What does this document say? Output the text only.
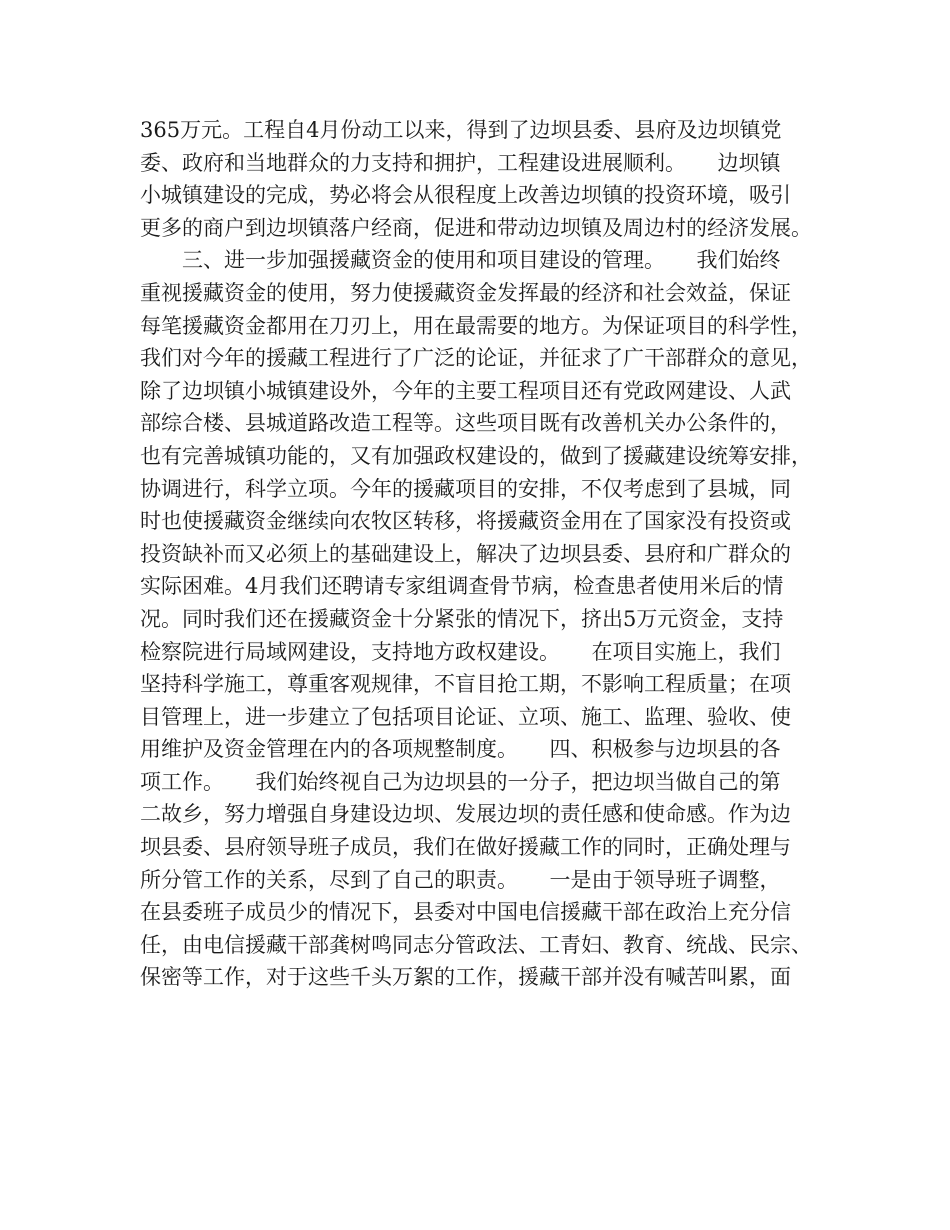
365万元。工程自4月份动工以来，得到了边坝县委、县府及边坝镇党
委、政府和当地群众的力支持和拥护，工程建设进展顺利。　　边坝镇
小城镇建设的完成，势必将会从很程度上改善边坝镇的投资环境，吸引
更多的商户到边坝镇落户经商，促进和带动边坝镇及周边村的经济发展。
　　三、进一步加强援藏资金的使用和项目建设的管理。　　我们始终
重视援藏资金的使用，努力使援藏资金发挥最的经济和社会效益，保证
每笔援藏资金都用在刀刃上，用在最需要的地方。为保证项目的科学性，
我们对今年的援藏工程进行了广泛的论证，并征求了广干部群众的意见，
除了边坝镇小城镇建设外，今年的主要工程项目还有党政网建设、人武
部综合楼、县城道路改造工程等。这些项目既有改善机关办公条件的，
也有完善城镇功能的，又有加强政权建设的，做到了援藏建设统筹安排，
协调进行，科学立项。今年的援藏项目的安排，不仅考虑到了县城，同
时也使援藏资金继续向农牧区转移，将援藏资金用在了国家没有投资或
投资缺补而又必须上的基础建设上，解决了边坝县委、县府和广群众的
实际困难。4月我们还聘请专家组调查骨节病，检查患者使用米后的情
况。同时我们还在援藏资金十分紧张的情况下，挤出5万元资金，支持
检察院进行局域网建设，支持地方政权建设。　　在项目实施上，我们
坚持科学施工，尊重客观规律，不盲目抢工期，不影响工程质量；在项
目管理上，进一步建立了包括项目论证、立项、施工、监理、验收、使
用维护及资金管理在内的各项规整制度。　　四、积极参与边坝县的各
项工作。　　我们始终视自己为边坝县的一分子，把边坝当做自己的第
二故乡，努力增强自身建设边坝、发展边坝的责任感和使命感。作为边
坝县委、县府领导班子成员，我们在做好援藏工作的同时，正确处理与
所分管工作的关系，尽到了自己的职责。　　一是由于领导班子调整，
在县委班子成员少的情况下，县委对中国电信援藏干部在政治上充分信
任，由电信援藏干部龚树鸣同志分管政法、工青妇、教育、统战、民宗、
保密等工作，对于这些千头万絮的工作，援藏干部并没有喊苦叫累，面
